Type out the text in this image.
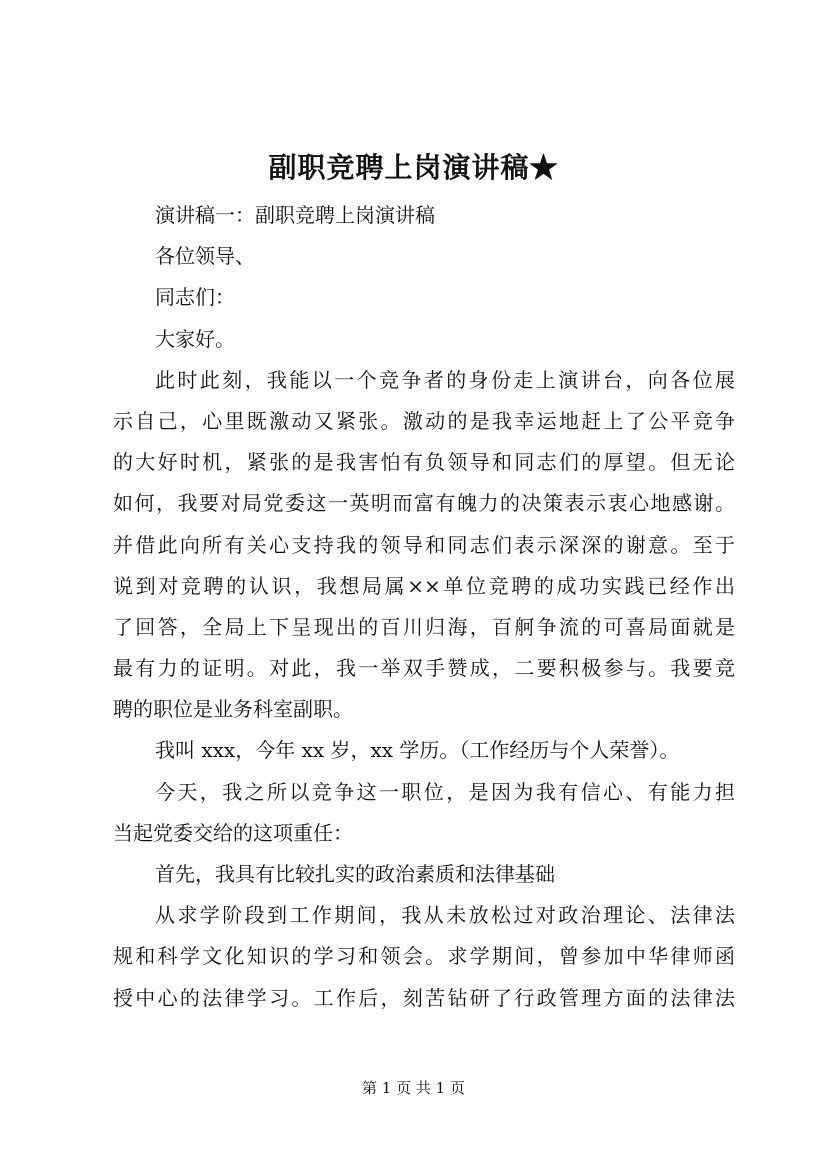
副职竞聘上岗演讲稿★
演讲稿一：副职竞聘上岗演讲稿
各位领导、
同志们：
大家好。
此时此刻，我能以一个竞争者的身份走上演讲台，向各位展
示自己，心里既激动又紧张。激动的是我幸运地赶上了公平竞争
的大好时机，紧张的是我害怕有负领导和同志们的厚望。但无论
如何，我要对局党委这一英明而富有魄力的决策表示衷心地感谢。
并借此向所有关心支持我的领导和同志们表示深深的谢意。至于
说到对竞聘的认识，我想局属××单位竞聘的成功实践已经作出
了回答，全局上下呈现出的百川归海，百舸争流的可喜局面就是
最有力的证明。对此，我一举双手赞成，二要积极参与。我要竞
聘的职位是业务科室副职。
我叫 xxx，今年 xx 岁，xx 学历。（工作经历与个人荣誉）。
今天，我之所以竞争这一职位，是因为我有信心、有能力担
当起党委交给的这项重任：
首先，我具有比较扎实的政治素质和法律基础
从求学阶段到工作期间，我从未放松过对政治理论、法律法
规和科学文化知识的学习和领会。求学期间，曾参加中华律师函
授中心的法律学习。工作后，刻苦钻研了行政管理方面的法律法
第 1 页 共 1 页
